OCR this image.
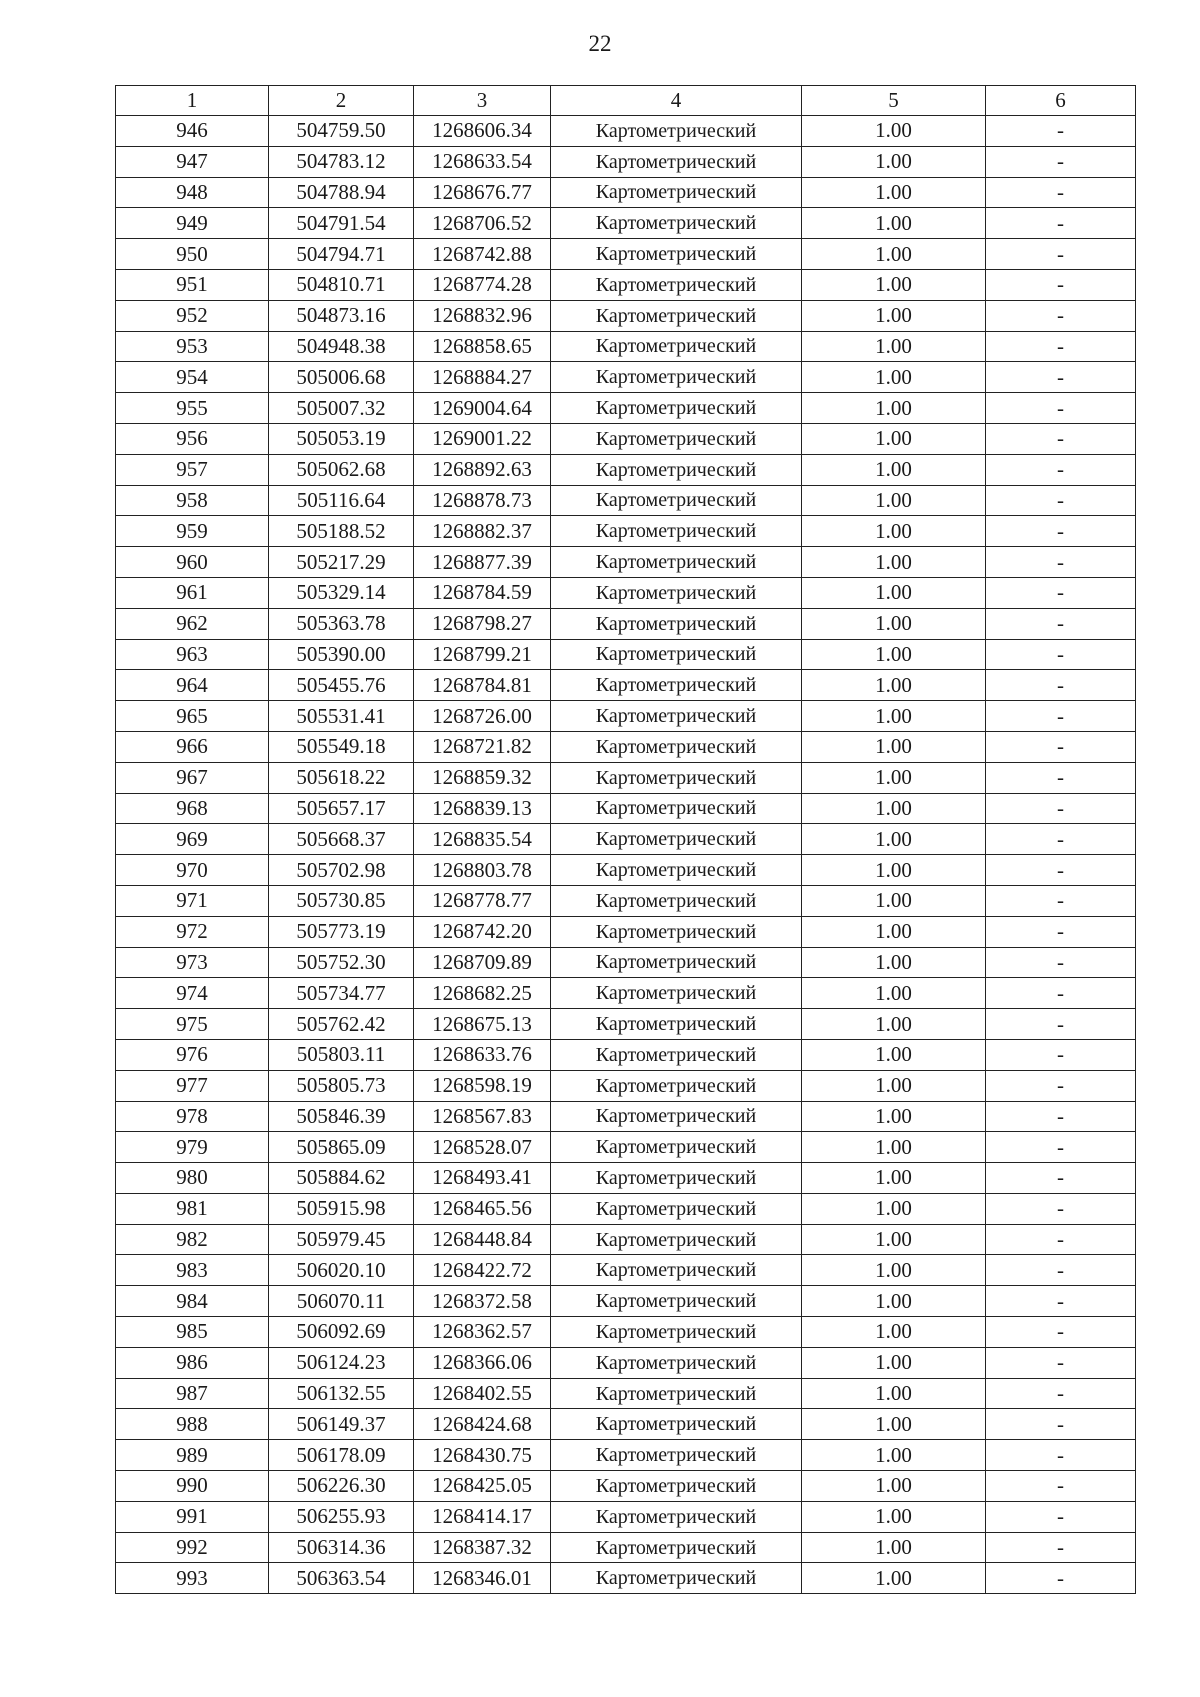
22
1	2	3	4	5	6
946	504759.50	1268606.34	Картометрический	1.00	-
947	504783.12	1268633.54	Картометрический	1.00	-
948	504788.94	1268676.77	Картометрический	1.00	-
949	504791.54	1268706.52	Картометрический	1.00	-
950	504794.71	1268742.88	Картометрический	1.00	-
951	504810.71	1268774.28	Картометрический	1.00	-
952	504873.16	1268832.96	Картометрический	1.00	-
953	504948.38	1268858.65	Картометрический	1.00	-
954	505006.68	1268884.27	Картометрический	1.00	-
955	505007.32	1269004.64	Картометрический	1.00	-
956	505053.19	1269001.22	Картометрический	1.00	-
957	505062.68	1268892.63	Картометрический	1.00	-
958	505116.64	1268878.73	Картометрический	1.00	-
959	505188.52	1268882.37	Картометрический	1.00	-
960	505217.29	1268877.39	Картометрический	1.00	-
961	505329.14	1268784.59	Картометрический	1.00	-
962	505363.78	1268798.27	Картометрический	1.00	-
963	505390.00	1268799.21	Картометрический	1.00	-
964	505455.76	1268784.81	Картометрический	1.00	-
965	505531.41	1268726.00	Картометрический	1.00	-
966	505549.18	1268721.82	Картометрический	1.00	-
967	505618.22	1268859.32	Картометрический	1.00	-
968	505657.17	1268839.13	Картометрический	1.00	-
969	505668.37	1268835.54	Картометрический	1.00	-
970	505702.98	1268803.78	Картометрический	1.00	-
971	505730.85	1268778.77	Картометрический	1.00	-
972	505773.19	1268742.20	Картометрический	1.00	-
973	505752.30	1268709.89	Картометрический	1.00	-
974	505734.77	1268682.25	Картометрический	1.00	-
975	505762.42	1268675.13	Картометрический	1.00	-
976	505803.11	1268633.76	Картометрический	1.00	-
977	505805.73	1268598.19	Картометрический	1.00	-
978	505846.39	1268567.83	Картометрический	1.00	-
979	505865.09	1268528.07	Картометрический	1.00	-
980	505884.62	1268493.41	Картометрический	1.00	-
981	505915.98	1268465.56	Картометрический	1.00	-
982	505979.45	1268448.84	Картометрический	1.00	-
983	506020.10	1268422.72	Картометрический	1.00	-
984	506070.11	1268372.58	Картометрический	1.00	-
985	506092.69	1268362.57	Картометрический	1.00	-
986	506124.23	1268366.06	Картометрический	1.00	-
987	506132.55	1268402.55	Картометрический	1.00	-
988	506149.37	1268424.68	Картометрический	1.00	-
989	506178.09	1268430.75	Картометрический	1.00	-
990	506226.30	1268425.05	Картометрический	1.00	-
991	506255.93	1268414.17	Картометрический	1.00	-
992	506314.36	1268387.32	Картометрический	1.00	-
993	506363.54	1268346.01	Картометрический	1.00	-
